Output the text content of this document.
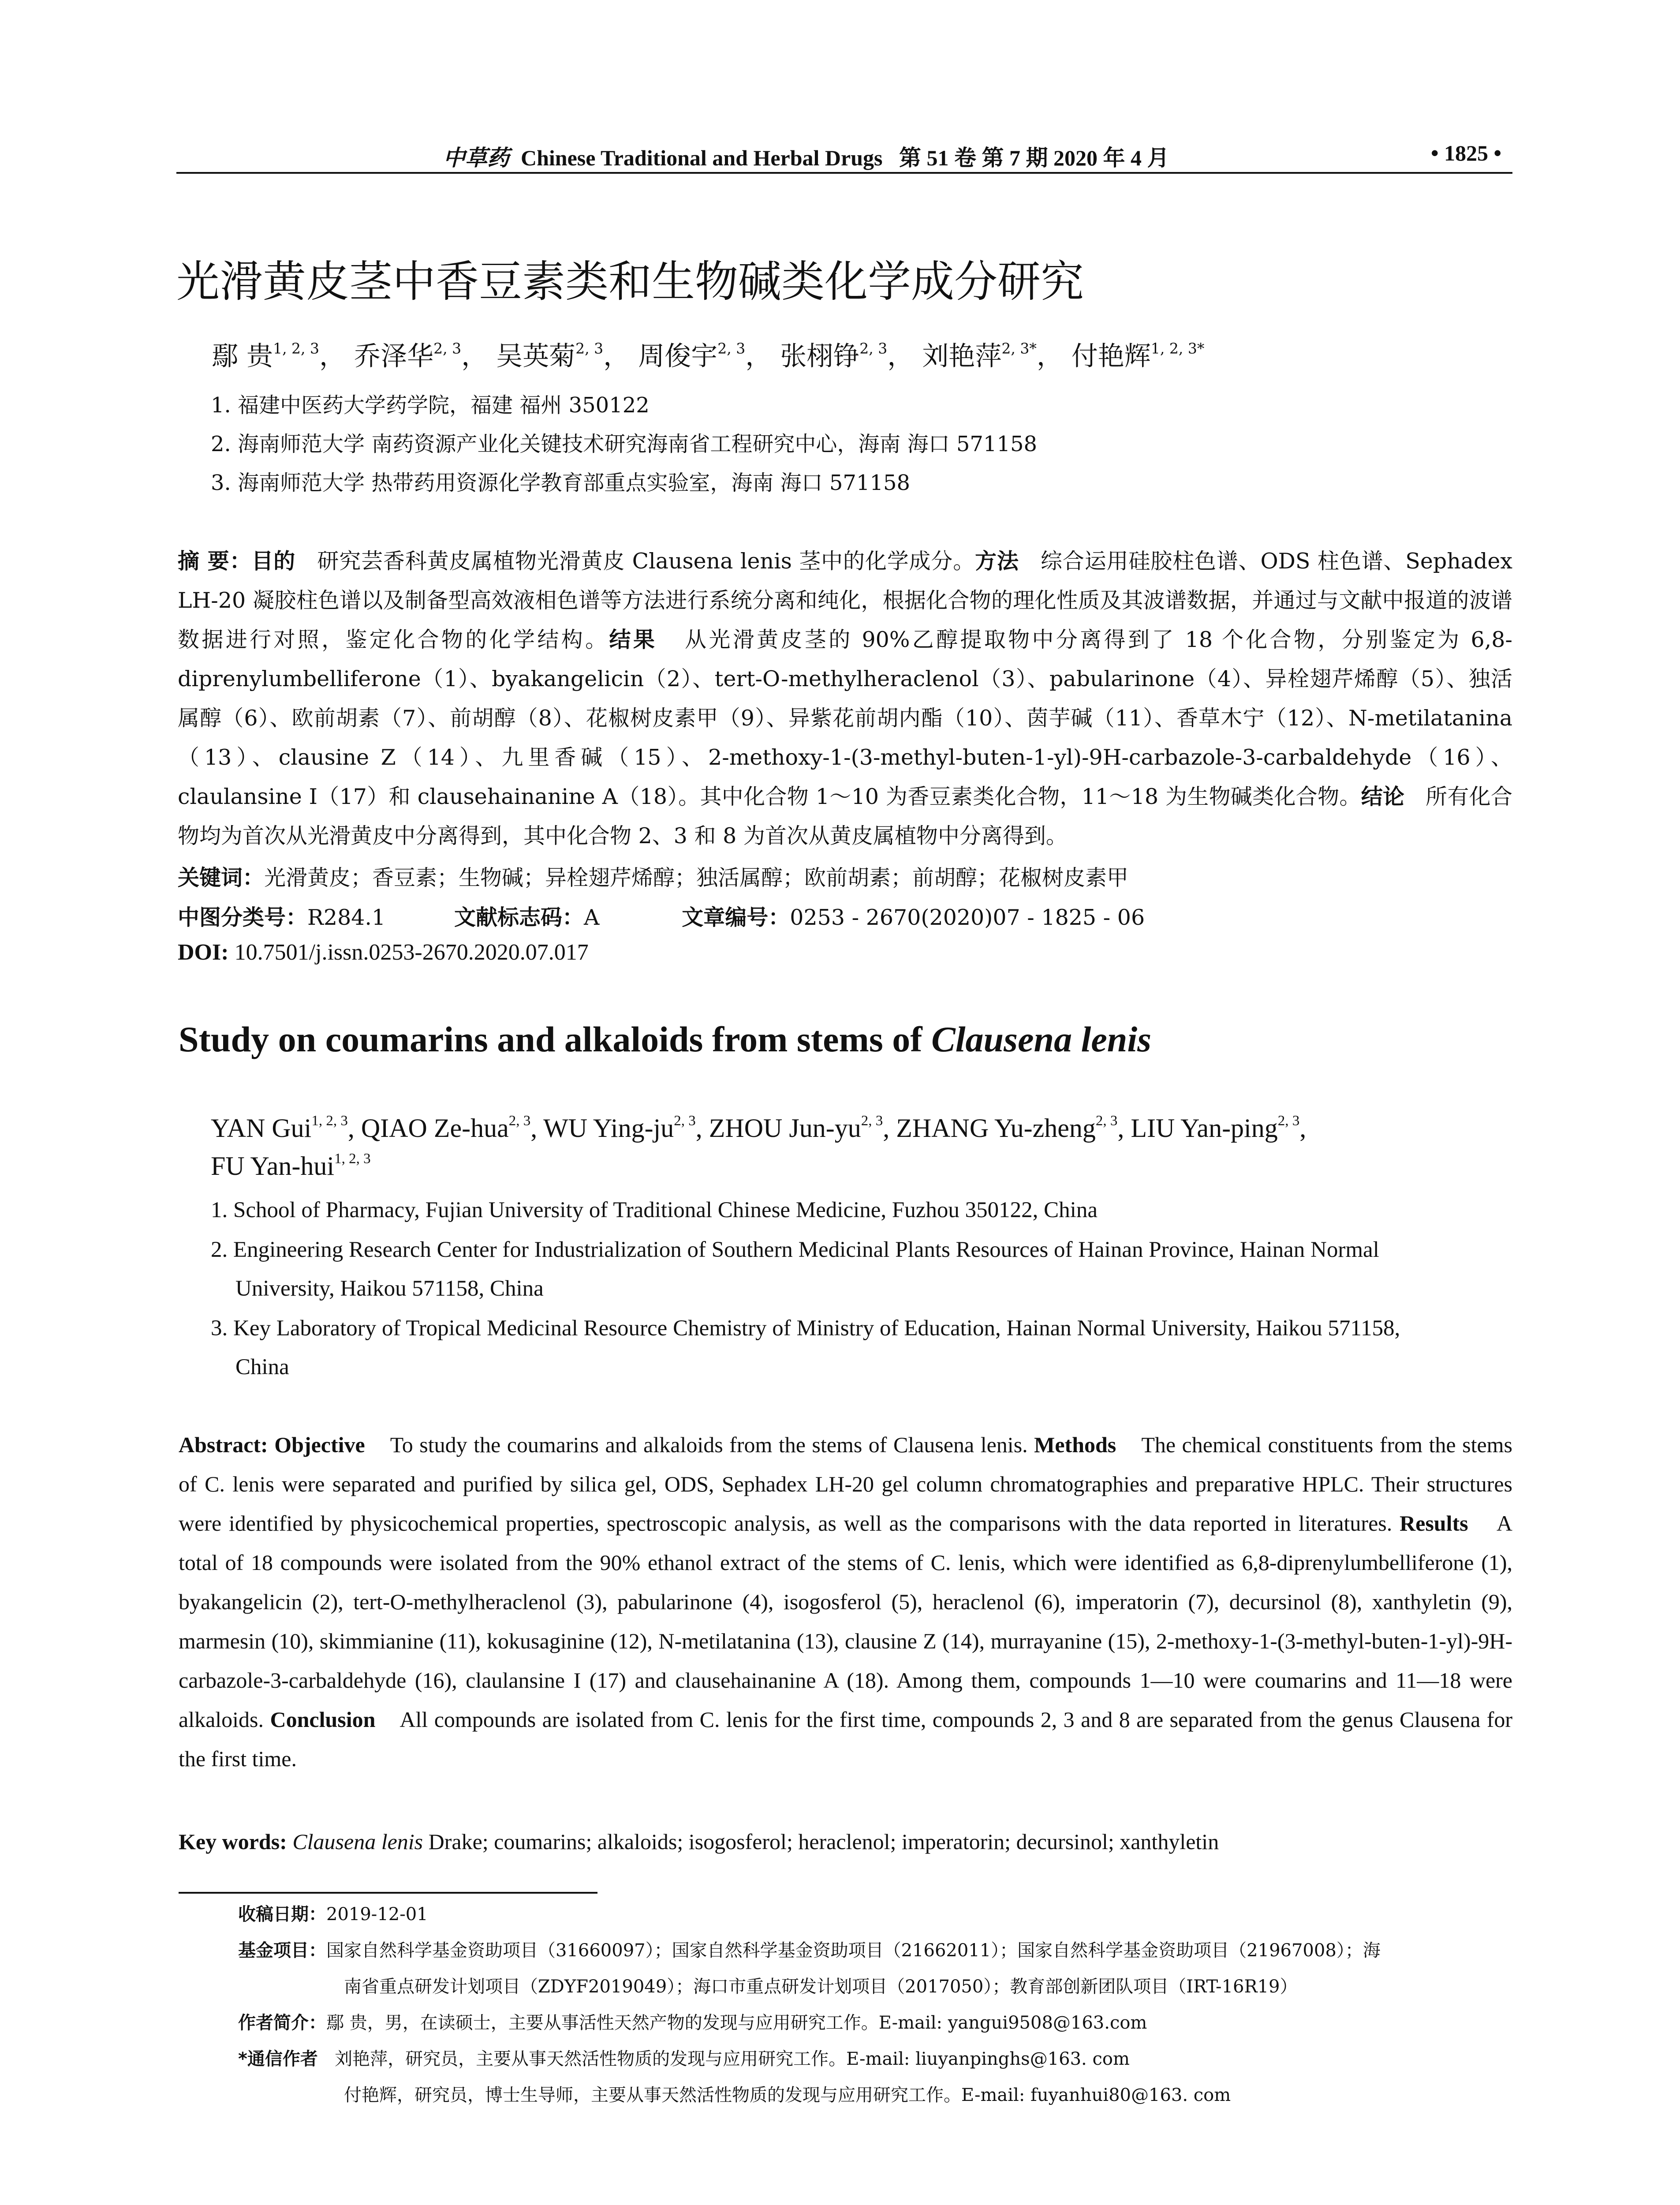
中草药 Chinese Traditional and Herbal Drugs 第 51 卷 第 7 期 2020 年 4 月	• 1825 •
光滑黄皮茎中香豆素类和生物碱类化学成分研究
鄢 贵$^{1, 2, 3}$， 乔泽华$^{2, 3}$， 吴英菊$^{2, 3}$， 周俊宇$^{2, 3}$， 张栩铮$^{2, 3}$， 刘艳萍$^{2, 3*}$， 付艳辉$^{1, 2, 3*}$
1. 福建中医药大学药学院，福建 福州 350122
2. 海南师范大学 南药资源产业化关键技术研究海南省工程研究中心，海南 海口 571158
3. 海南师范大学 热带药用资源化学教育部重点实验室，海南 海口 571158
摘 要：目的 研究芸香科黄皮属植物光滑黄皮 Clausena lenis 茎中的化学成分。方法 综合运用硅胶柱色谱、ODS 柱色谱、Sephadex LH-20 凝胶柱色谱以及制备型高效液相色谱等方法进行系统分离和纯化，根据化合物的理化性质及其波谱数据，并通过与文献中报道的波谱数据进行对照，鉴定化合物的化学结构。结果 从光滑黄皮茎的 90%乙醇提取物中分离得到了 18 个化合物，分别鉴定为 6,8-diprenylumbelliferone（1）、byakangelicin（2）、tert-O-methylheraclenol（3）、pabularinone（4）、异栓翅芹烯醇（5）、独活属醇（6）、欧前胡素（7）、前胡醇（8）、花椒树皮素甲（9）、异紫花前胡内酯（10）、茵芋碱（11）、香草木宁（12）、N-metilatanina（13）、clausine Z（14）、九里香碱（15）、2-methoxy-1-(3-methyl-buten-1-yl)-9H-carbazole-3-carbaldehyde（16）、claulansine I（17）和 clausehainanine A（18）。其中化合物 1～10 为香豆素类化合物，11～18 为生物碱类化合物。结论 所有化合物均为首次从光滑黄皮中分离得到，其中化合物 2、3 和 8 为首次从黄皮属植物中分离得到。
关键词：光滑黄皮；香豆素；生物碱；异栓翅芹烯醇；独活属醇；欧前胡素；前胡醇；花椒树皮素甲
中图分类号：R284.1	文献标志码：A	文章编号：0253 - 2670(2020)07 - 1825 - 06
DOI: 10.7501/j.issn.0253-2670.2020.07.017
Study on coumarins and alkaloids from stems of Clausena lenis
YAN Gui$^{1, 2, 3}$, QIAO Ze-hua$^{2, 3}$, WU Ying-ju$^{2, 3}$, ZHOU Jun-yu$^{2, 3}$, ZHANG Yu-zheng$^{2, 3}$, LIU Yan-ping$^{2, 3}$,
FU Yan-hui$^{1, 2, 3}$
1. School of Pharmacy, Fujian University of Traditional Chinese Medicine, Fuzhou 350122, China
2. Engineering Research Center for Industrialization of Southern Medicinal Plants Resources of Hainan Province, Hainan Normal
University, Haikou 571158, China
3. Key Laboratory of Tropical Medicinal Resource Chemistry of Ministry of Education, Hainan Normal University, Haikou 571158,
China
Abstract: Objective To study the coumarins and alkaloids from the stems of Clausena lenis. Methods The chemical constituents from the stems of C. lenis were separated and purified by silica gel, ODS, Sephadex LH-20 gel column chromatographies and preparative HPLC. Their structures were identified by physicochemical properties, spectroscopic analysis, as well as the comparisons with the data reported in literatures. Results A total of 18 compounds were isolated from the 90% ethanol extract of the stems of C. lenis, which were identified as 6,8-diprenylumbelliferone (1), byakangelicin (2), tert-O-methylheraclenol (3), pabularinone (4), isogosferol (5), heraclenol (6), imperatorin (7), decursinol (8), xanthyletin (9), marmesin (10), skimmianine (11), kokusaginine (12), N-metilatanina (13), clausine Z (14), murrayanine (15), 2-methoxy-1-(3-methyl-buten-1-yl)-9H-carbazole-3-carbaldehyde (16), claulansine I (17) and clausehainanine A (18). Among them, compounds 1—10 were coumarins and 11—18 were alkaloids. Conclusion All compounds are isolated from C. lenis for the first time, compounds 2, 3 and 8 are separated from the genus Clausena for the first time.
Key words: Clausena lenis Drake; coumarins; alkaloids; isogosferol; heraclenol; imperatorin; decursinol; xanthyletin
收稿日期：2019-12-01
基金项目：国家自然科学基金资助项目（31660097）；国家自然科学基金资助项目（21662011）；国家自然科学基金资助项目（21967008）；海
南省重点研发计划项目（ZDYF2019049）；海口市重点研发计划项目（2017050）；教育部创新团队项目（IRT-16R19）
作者简介：鄢 贵，男，在读硕士，主要从事活性天然产物的发现与应用研究工作。E-mail: yangui9508@163.com
*通信作者 刘艳萍，研究员，主要从事天然活性物质的发现与应用研究工作。E-mail: liuyanpinghs@163. com
付艳辉，研究员，博士生导师，主要从事天然活性物质的发现与应用研究工作。E-mail: fuyanhui80@163. com
